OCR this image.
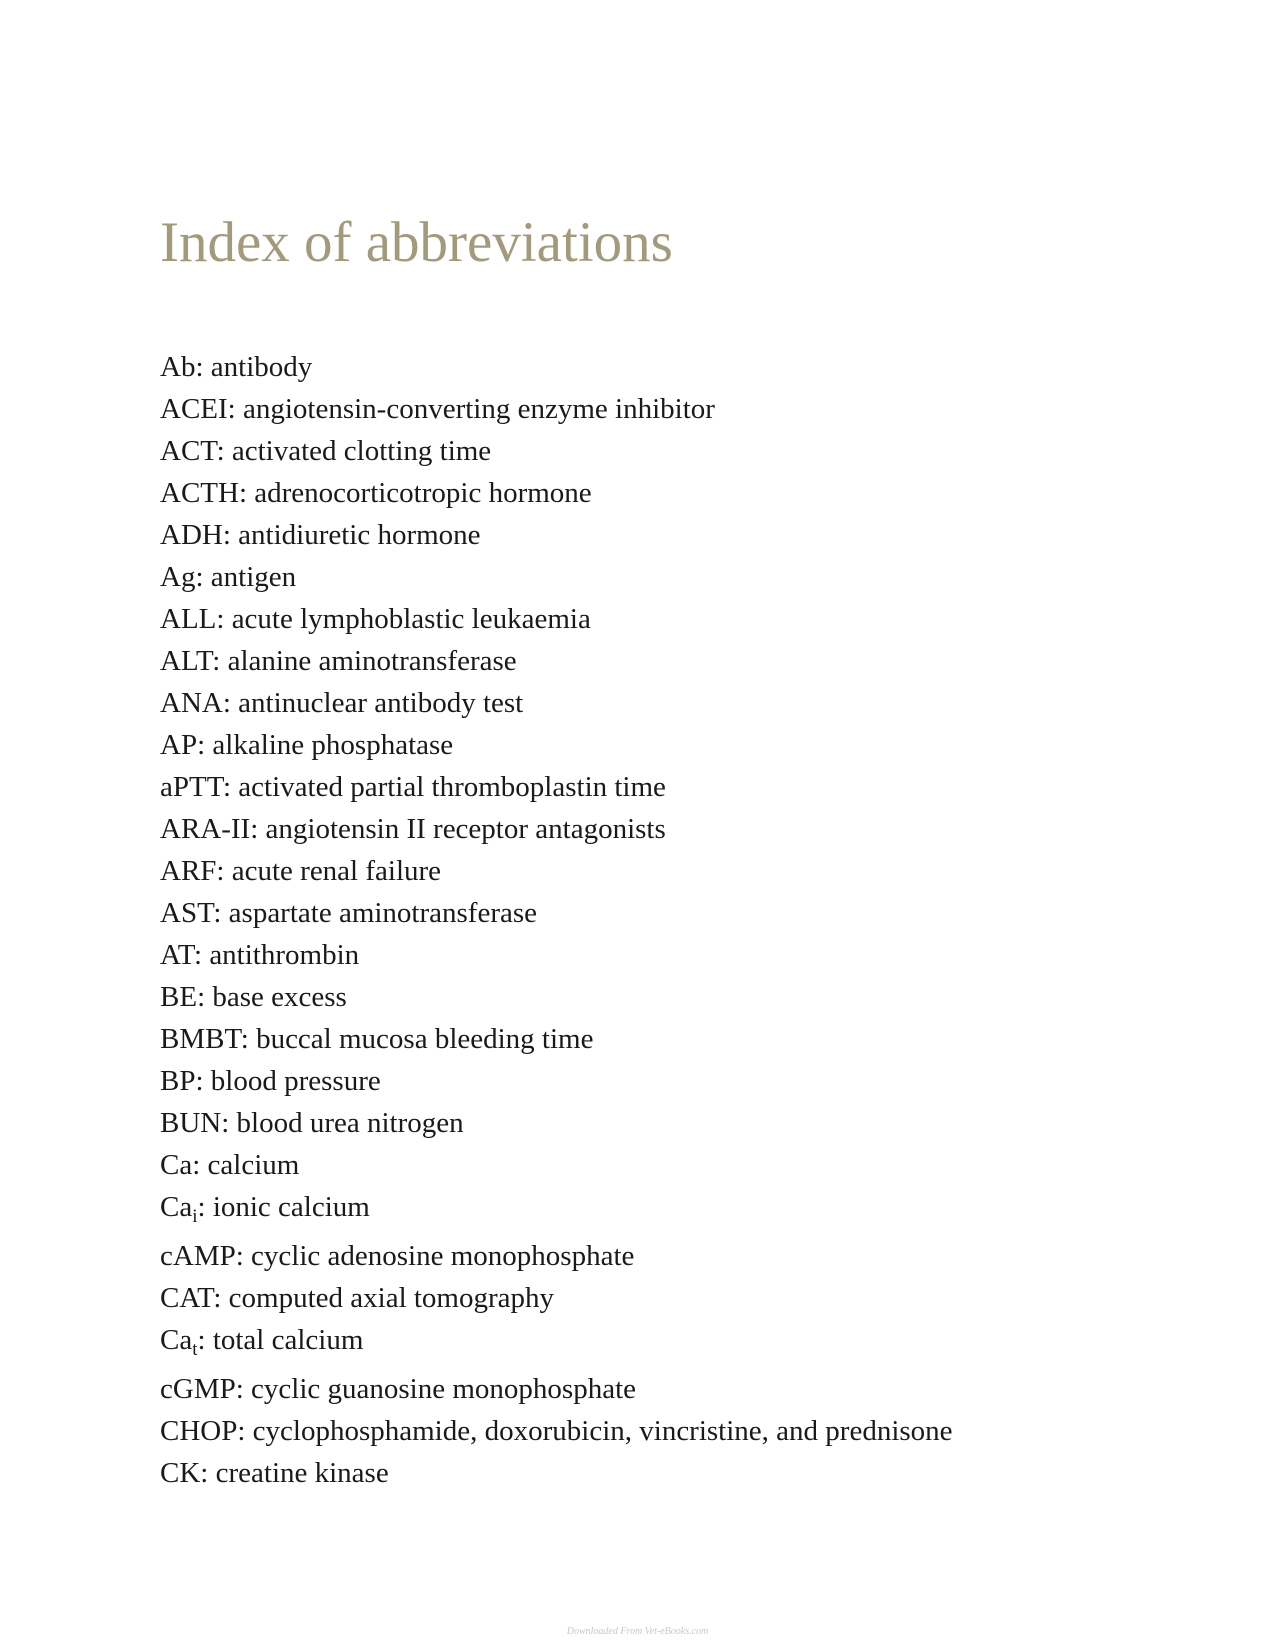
Index of abbreviations
Ab: antibody
ACEI: angiotensin-converting enzyme inhibitor
ACT: activated clotting time
ACTH: adrenocorticotropic hormone
ADH: antidiuretic hormone
Ag: antigen
ALL: acute lymphoblastic leukaemia
ALT: alanine aminotransferase
ANA: antinuclear antibody test
AP: alkaline phosphatase
aPTT: activated partial thromboplastin time
ARA-II: angiotensin II receptor antagonists
ARF: acute renal failure
AST: aspartate aminotransferase
AT: antithrombin
BE: base excess
BMBT: buccal mucosa bleeding time
BP: blood pressure
BUN: blood urea nitrogen
Ca: calcium
$Ca_i$: ionic calcium
cAMP: cyclic adenosine monophosphate
CAT: computed axial tomography
$Ca_t$: total calcium
cGMP: cyclic guanosine monophosphate
CHOP: cyclophosphamide, doxorubicin, vincristine, and prednisone
CK: creatine kinase
Downloaded From Vet-eBooks.com
